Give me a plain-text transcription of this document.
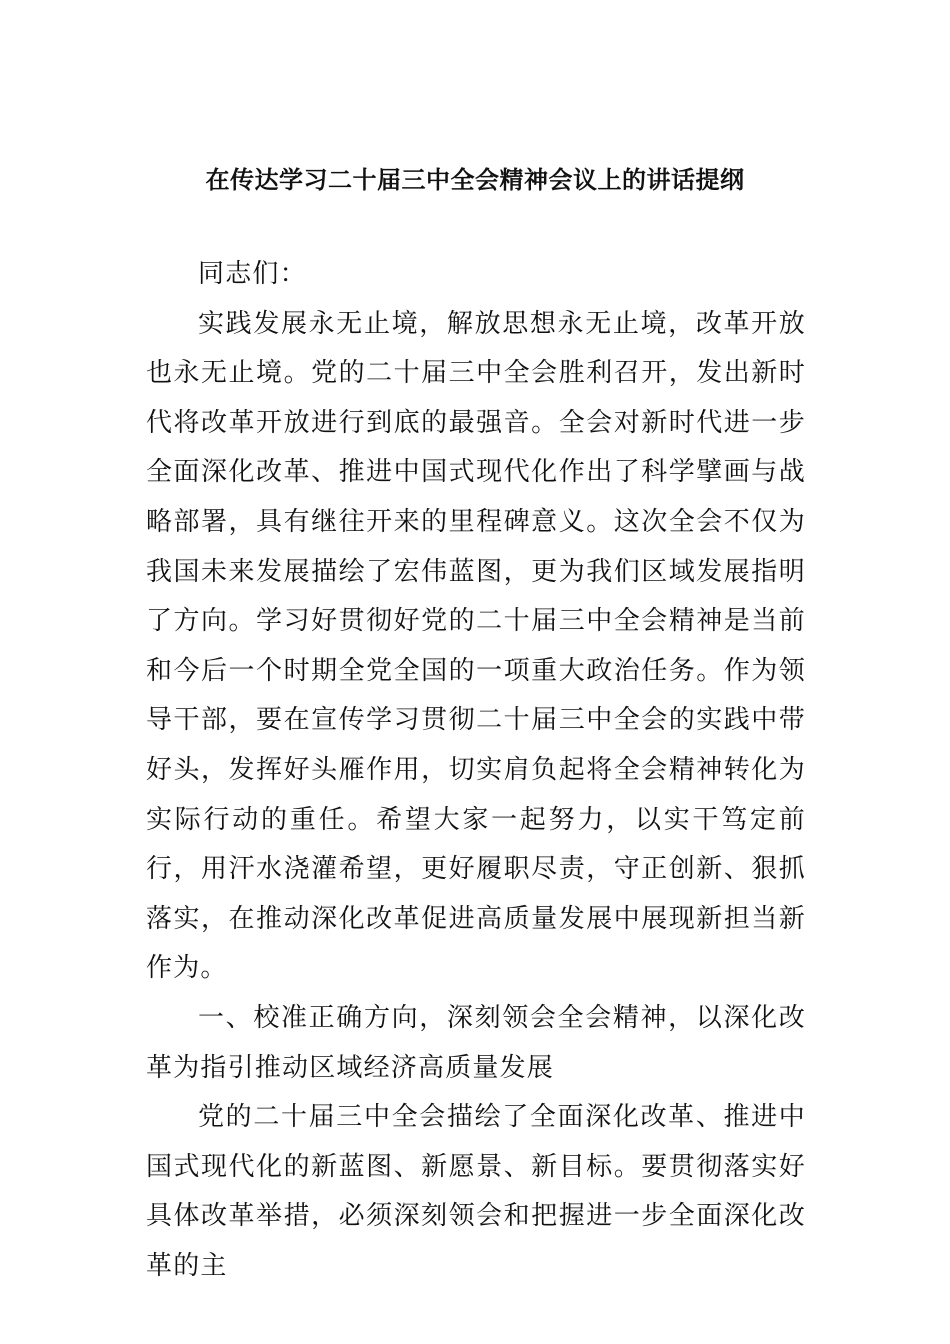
在传达学习二十届三中全会精神会议上的讲话提纲

同志们：

实践发展永无止境，解放思想永无止境，改革开放也永无止境。党的二十届三中全会胜利召开，发出新时代将改革开放进行到底的最强音。全会对新时代进一步全面深化改革、推进中国式现代化作出了科学擘画与战略部署，具有继往开来的里程碑意义。这次全会不仅为我国未来发展描绘了宏伟蓝图，更为我们区域发展指明了方向。学习好贯彻好党的二十届三中全会精神是当前和今后一个时期全党全国的一项重大政治任务。作为领导干部，要在宣传学习贯彻二十届三中全会的实践中带好头，发挥好头雁作用，切实肩负起将全会精神转化为实际行动的重任。希望大家一起努力，以实干笃定前行，用汗水浇灌希望，更好履职尽责，守正创新、狠抓落实，在推动深化改革促进高质量发展中展现新担当新作为。

一、校准正确方向，深刻领会全会精神，以深化改革为指引推动区域经济高质量发展

党的二十届三中全会描绘了全面深化改革、推进中国式现代化的新蓝图、新愿景、新目标。要贯彻落实好具体改革举措，必须深刻领会和把握进一步全面深化改革的主
